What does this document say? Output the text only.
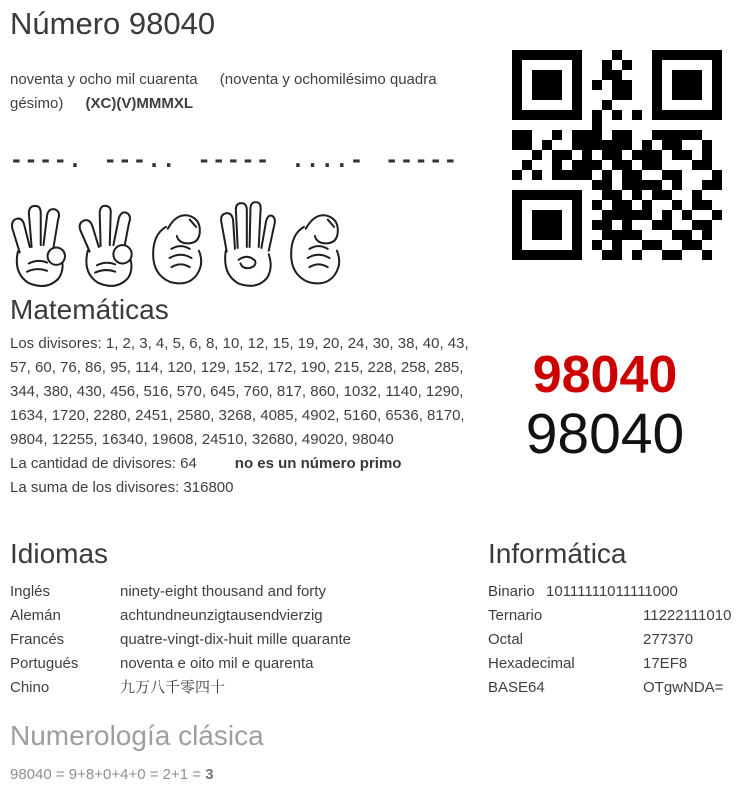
Número 98040

noventa y ocho mil cuarenta (noventa y ochomilésimo quadragésimo) (XC)(V)MMMXL

----. ---.. ----- ....- -----
Matemáticas

Los divisores: 1, 2, 3, 4, 5, 6, 8, 10, 12, 15, 19, 20, 24, 30, 38, 40, 43, 57, 60, 76, 86, 95, 114, 120, 129, 152, 172, 190, 215, 228, 258, 285, 344, 380, 430, 456, 516, 570, 645, 760, 817, 860, 1032, 1140, 1290, 1634, 1720, 2280, 2451, 2580, 3268, 4085, 4902, 5160, 6536, 8170, 9804, 12255, 16340, 19608, 24510, 32680, 49020, 98040

La cantidad de divisores: 64	no es un número primo

La suma de los divisores: 316800

98040
98040
Idiomas
Inglés	ninety-eight thousand and forty
Alemán	achtundneunzigtausendvierzig
Francés	quatre-vingt-dix-huit mille quarante
Portugués	noventa e oito mil e quarenta
Chino	九万八千零四十
Informática
Binario 10111111011111000
Ternario	11222111010
Octal	277370
Hexadecimal	17EF8
BASE64	OTgwNDA=
Numerología clásica

98040 = 9+8+0+4+0 = 2+1 = 3
